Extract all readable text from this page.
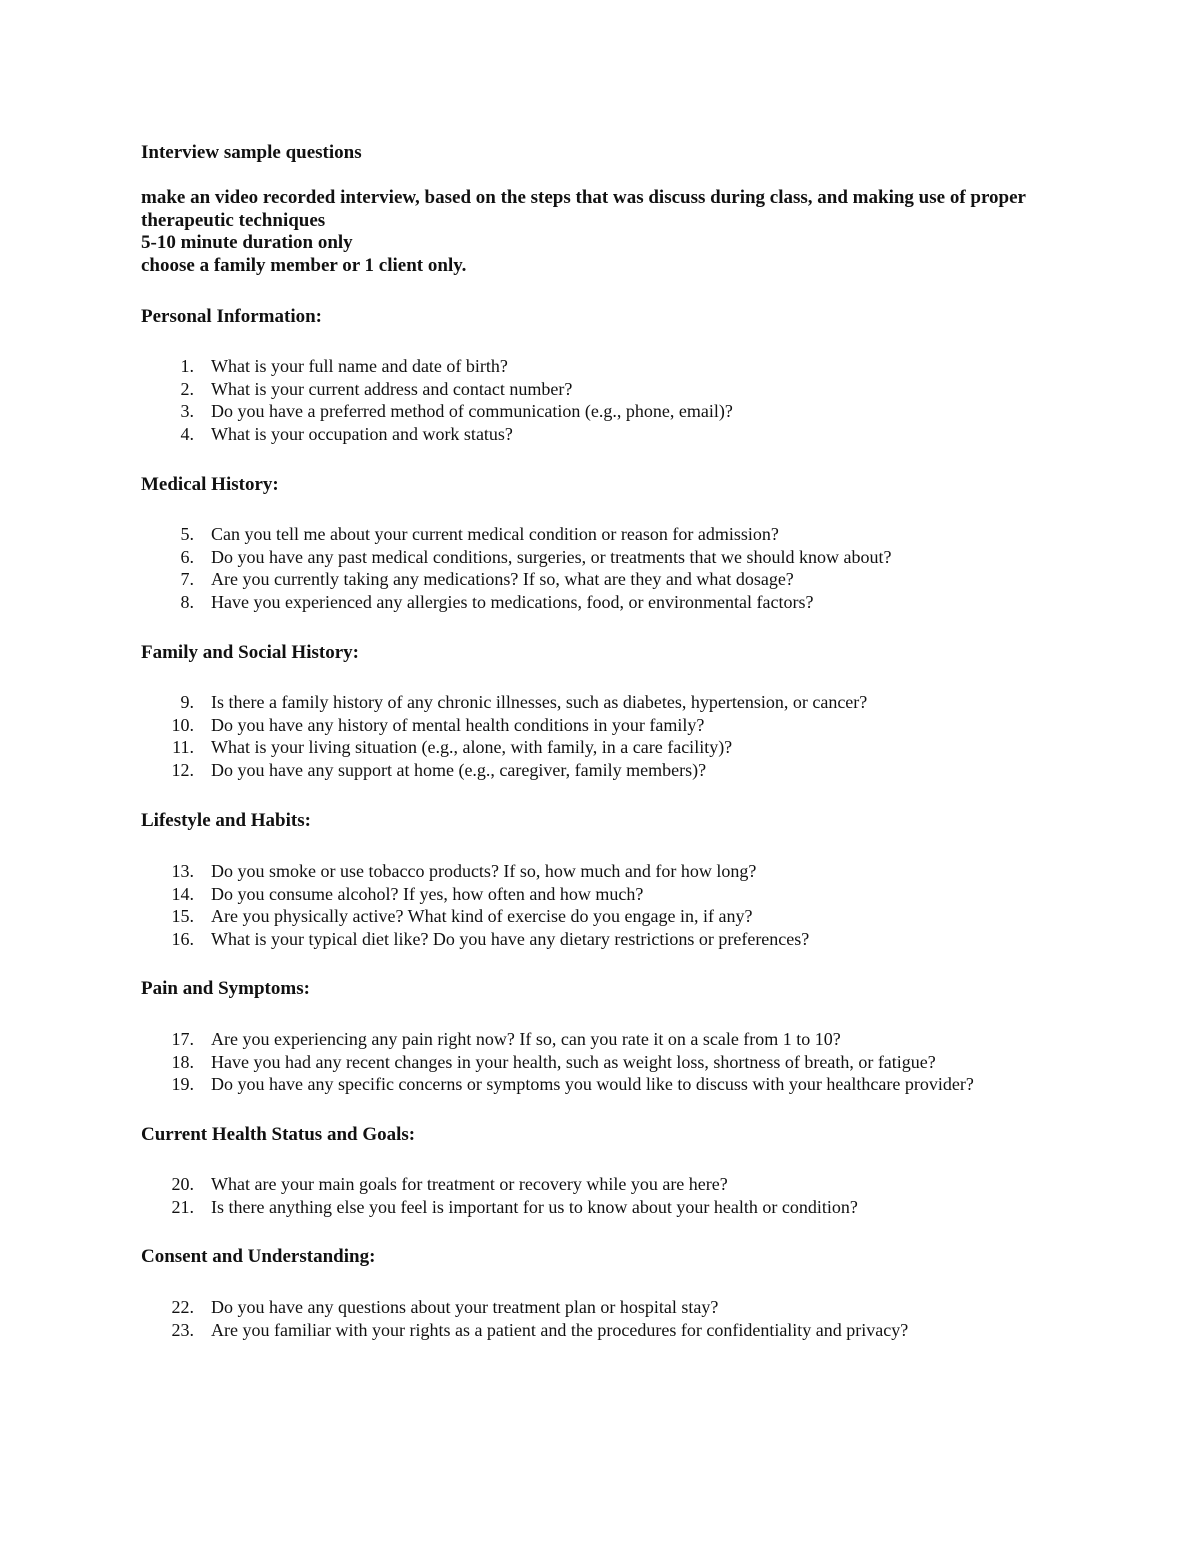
Interview sample questions
make an video recorded interview, based on the steps that was discuss during class, and making use of proper
therapeutic techniques
5-10 minute duration only
choose a family member or 1 client only.
Personal Information:
1. What is your full name and date of birth?
2. What is your current address and contact number?
3. Do you have a preferred method of communication (e.g., phone, email)?
4. What is your occupation and work status?
Medical History:
5. Can you tell me about your current medical condition or reason for admission?
6. Do you have any past medical conditions, surgeries, or treatments that we should know about?
7. Are you currently taking any medications? If so, what are they and what dosage?
8. Have you experienced any allergies to medications, food, or environmental factors?
Family and Social History:
9. Is there a family history of any chronic illnesses, such as diabetes, hypertension, or cancer?
10. Do you have any history of mental health conditions in your family?
11. What is your living situation (e.g., alone, with family, in a care facility)?
12. Do you have any support at home (e.g., caregiver, family members)?
Lifestyle and Habits:
13. Do you smoke or use tobacco products? If so, how much and for how long?
14. Do you consume alcohol? If yes, how often and how much?
15. Are you physically active? What kind of exercise do you engage in, if any?
16. What is your typical diet like? Do you have any dietary restrictions or preferences?
Pain and Symptoms:
17. Are you experiencing any pain right now? If so, can you rate it on a scale from 1 to 10?
18. Have you had any recent changes in your health, such as weight loss, shortness of breath, or fatigue?
19. Do you have any specific concerns or symptoms you would like to discuss with your healthcare provider?
Current Health Status and Goals:
20. What are your main goals for treatment or recovery while you are here?
21. Is there anything else you feel is important for us to know about your health or condition?
Consent and Understanding:
22. Do you have any questions about your treatment plan or hospital stay?
23. Are you familiar with your rights as a patient and the procedures for confidentiality and privacy?
